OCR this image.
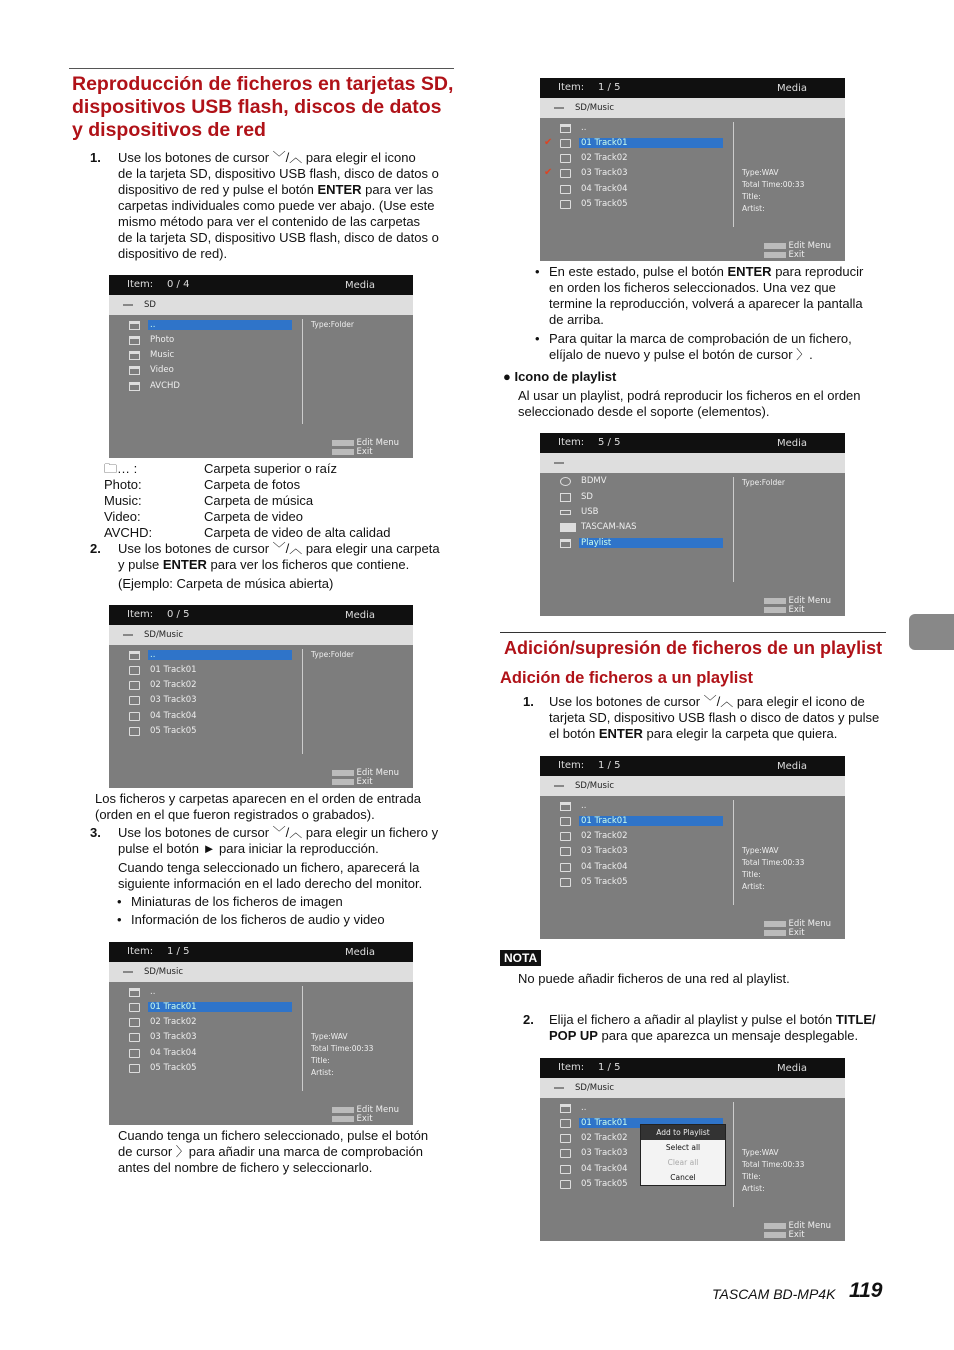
Reproducción de ficheros en tarjetas SD, dispositivos USB flash, discos de datos y dispositivos de red
1. Use los botones de cursor ﹀/︿ para elegir el icono
de la tarjeta SD, dispositivo USB flash, disco de datos o
dispositivo de red y pulse el botón ENTER para ver las
carpetas individuales como puede ver abajo. (Use este
mismo método para ver el contenido de las carpetas
de la tarjeta SD, dispositivo USB flash, disco de datos o
dispositivo de red).
Item: 0 / 4	Media
SD
..
Photo
Music
Video
AVCHD
Type:Folder
Edit Menu
Exit
🗀… :	Carpeta superior o raíz
Photo:	Carpeta de fotos
Music:	Carpeta de música
Video:	Carpeta de video
AVCHD:	Carpeta de video de alta calidad
2. Use los botones de cursor ﹀/︿ para elegir una carpeta
y pulse ENTER para ver los ficheros que contiene.
(Ejemplo: Carpeta de música abierta)
Item: 0 / 5	Media
SD/Music
..
01 Track01
02 Track02
03 Track03
04 Track04
05 Track05
Type:Folder
Edit Menu
Exit
Los ficheros y carpetas aparecen en el orden de entrada
(orden en el que fueron registrados o grabados).
3. Use los botones de cursor ﹀/︿ para elegir un fichero y
pulse el botón ► para iniciar la reproducción.
Cuando tenga seleccionado un fichero, aparecerá la
siguiente información en el lado derecho del monitor.
• Miniaturas de los ficheros de imagen
• Información de los ficheros de audio y video
Item: 1 / 5	Media
SD/Music
..
01 Track01
02 Track02
03 Track03
04 Track04
05 Track05
Type:WAV
Total Time:00:33
Title:
Artist:
Edit Menu
Exit
Cuando tenga un fichero seleccionado, pulse el botón
de cursor 〉para añadir una marca de comprobación
antes del nombre de fichero y seleccionarlo.
Item: 1 / 5	Media
SD/Music
..
✔	01 Track01
02 Track02
✔	03 Track03
04 Track04
05 Track05
Type:WAV
Total Time:00:33
Title:
Artist:
Edit Menu
Exit
• En este estado, pulse el botón ENTER para reproducir
en orden los ficheros seleccionados. Una vez que
termine la reproducción, volverá a aparecer la pantalla
de arriba.
• Para quitar la marca de comprobación de un fichero,
elíjalo de nuevo y pulse el botón de cursor 〉.
● Icono de playlist
Al usar un playlist, podrá reproducir los ficheros en el orden
seleccionado desde el soporte (elementos).
Item: 5 / 5	Media
BDMV
SD
USB
TASCAM-NAS
Playlist
Type:Folder
Edit Menu
Exit
Adición/supresión de ficheros de un playlist
Adición de ficheros a un playlist
1. Use los botones de cursor ﹀/︿ para elegir el icono de
tarjeta SD, dispositivo USB flash o disco de datos y pulse
el botón ENTER para elegir la carpeta que quiera.
Item: 1 / 5	Media
SD/Music
..
01 Track01
02 Track02
03 Track03
04 Track04
05 Track05
Type:WAV
Total Time:00:33
Title:
Artist:
Edit Menu
Exit
NOTA
No puede añadir ficheros de una red al playlist.
2. Elija el fichero a añadir al playlist y pulse el botón TITLE/
POP UP para que aparezca un mensaje desplegable.
Item: 1 / 5	Media
SD/Music
..
01 Track01
02 Track02
03 Track03
04 Track04
05 Track05
Type:WAV
Total Time:00:33
Title:
Artist:
Add to Playlist
Select all
Clear all
Cancel
Edit Menu
Exit
TASCAM BD-MP4K 119
